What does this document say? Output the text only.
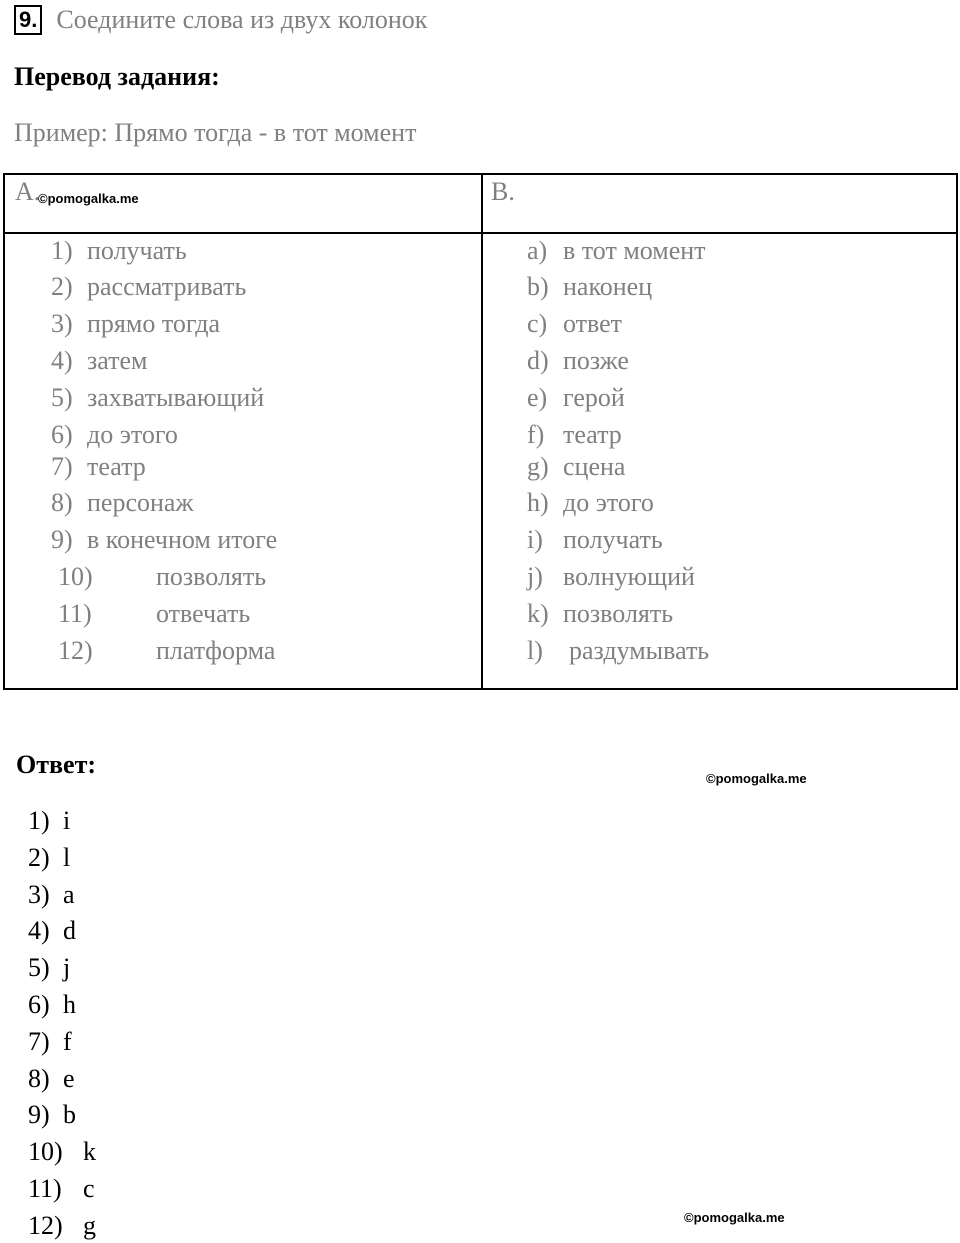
9. Соедините слова из двух колонок
Перевод задания:
Пример: Прямо тогда - в тот момент
A.	B.
1) получать
2) рассматривать
3) прямо тогда
4) затем
5) захватывающий
6) до этого
7) театр
8) персонаж
9) в конечном итоге
10) позволять
11) отвечать
12) платформа
a) в тот момент
b) наконец
c) ответ
d) позже
e) герой
f) театр
g) сцена
h) до этого
i) получать
j) волнующий
k) позволять
l) раздумывать
©pomogalka.me
Ответ:	©pomogalka.me
1) i
2) l
3) a
4) d
5) j
6) h
7) f
8) e
9) b
10) k
11) c
12) g	©pomogalka.me
